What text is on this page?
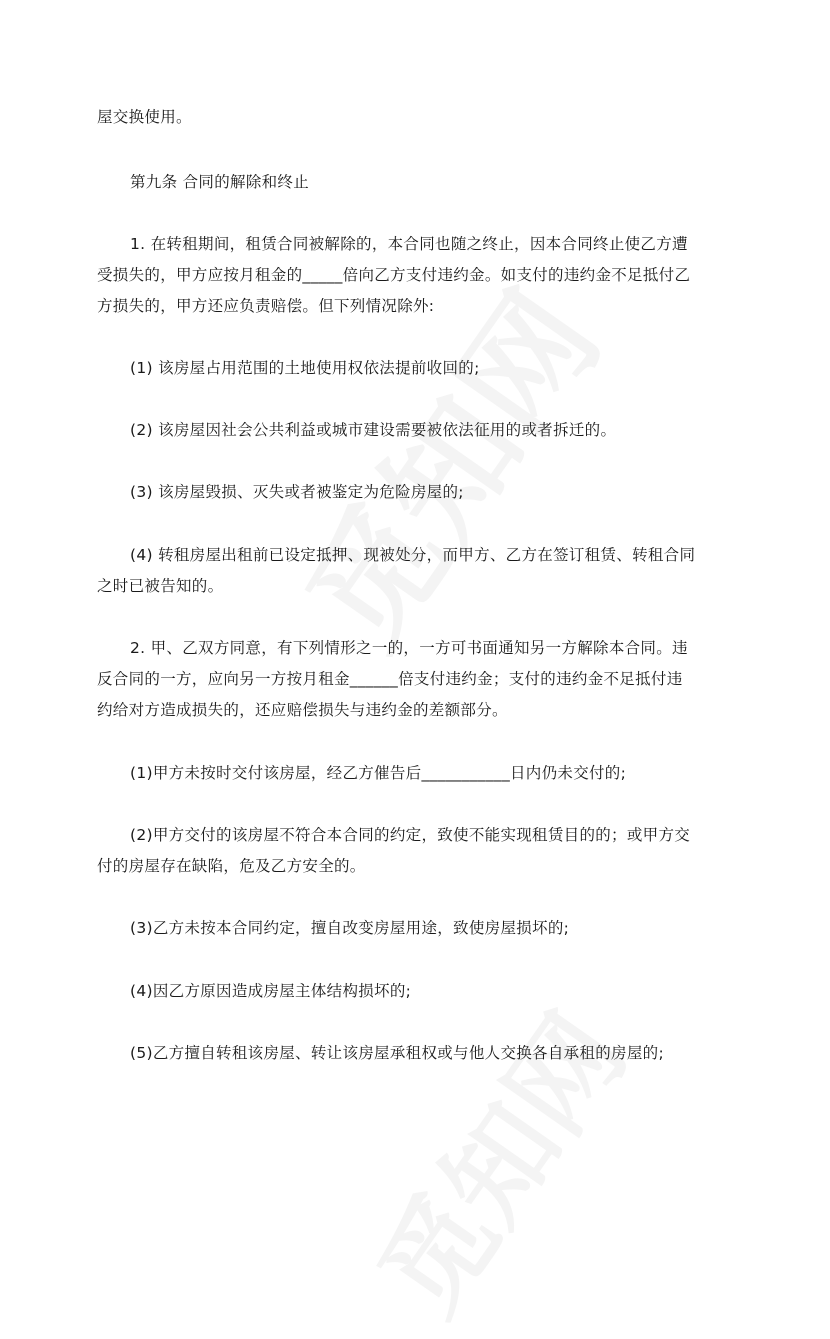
屋交换使用。
第九条 合同的解除和终止
1. 在转租期间，租赁合同被解除的，本合同也随之终止，因本合同终止使乙方遭
受损失的，甲方应按月租金的_____倍向乙方支付违约金。如支付的违约金不足抵付乙
方损失的，甲方还应负责赔偿。但下列情况除外:
(1) 该房屋占用范围的土地使用权依法提前收回的;
(2) 该房屋因社会公共利益或城市建设需要被依法征用的或者拆迁的。
(3) 该房屋毁损、灭失或者被鉴定为危险房屋的;
(4) 转租房屋出租前已设定抵押、现被处分，而甲方、乙方在签订租赁、转租合同
之时已被告知的。
2. 甲、乙双方同意，有下列情形之一的，一方可书面通知另一方解除本合同。违
反合同的一方，应向另一方按月租金______倍支付违约金；支付的违约金不足抵付违
约给对方造成损失的，还应赔偿损失与违约金的差额部分。
(1)甲方未按时交付该房屋，经乙方催告后___________日内仍未交付的;
(2)甲方交付的该房屋不符合本合同的约定，致使不能实现租赁目的的；或甲方交
付的房屋存在缺陷，危及乙方安全的。
(3)乙方未按本合同约定，擅自改变房屋用途，致使房屋损坏的;
(4)因乙方原因造成房屋主体结构损坏的;
(5)乙方擅自转租该房屋、转让该房屋承租权或与他人交换各自承租的房屋的;
